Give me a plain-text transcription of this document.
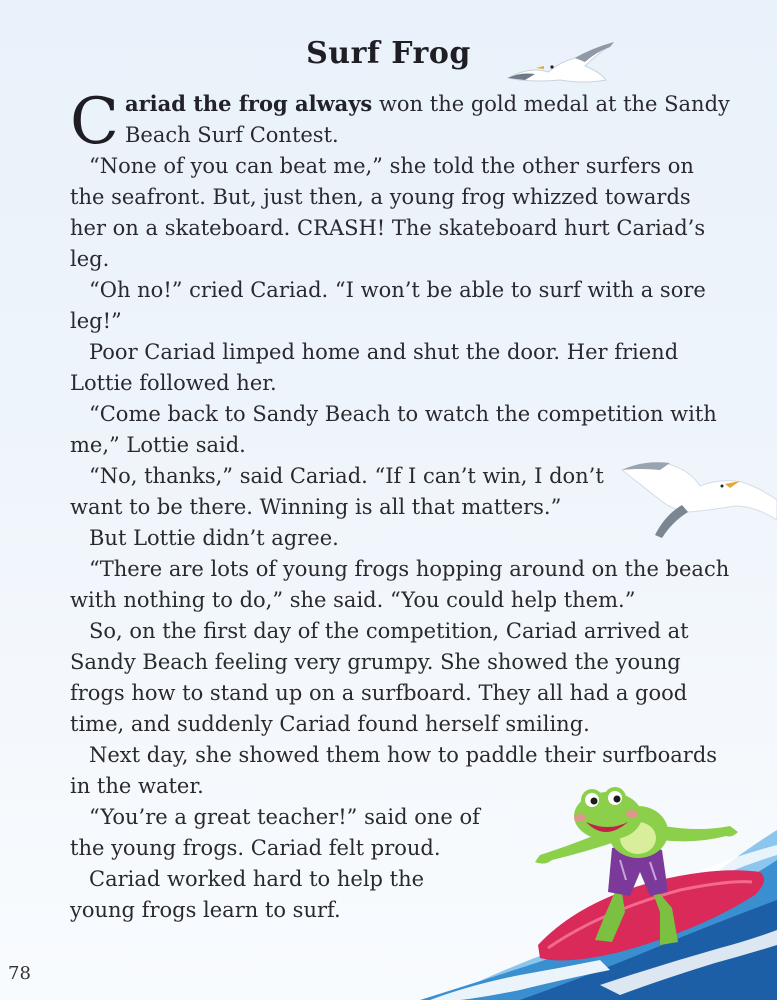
Surf Frog

Cariad the frog always won the gold medal at the Sandy Beach Surf Contest.

“None of you can beat me,” she told the other surfers on the seafront. But, just then, a young frog whizzed towards her on a skateboard. CRASH! The skateboard hurt Cariad’s leg.

“Oh no!” cried Cariad. “I won’t be able to surf with a sore leg!”

Poor Cariad limped home and shut the door. Her friend Lottie followed her.

“Come back to Sandy Beach to watch the competition with me,” Lottie said.

“No, thanks,” said Cariad. “If I can’t win, I don’t want to be there. Winning is all that matters.”

But Lottie didn’t agree.

“There are lots of young frogs hopping around on the beach with nothing to do,” she said. “You could help them.”

So, on the first day of the competition, Cariad arrived at Sandy Beach feeling very grumpy. She showed the young frogs how to stand up on a surfboard. They all had a good time, and suddenly Cariad found herself smiling.

Next day, she showed them how to paddle their surfboards in the water.

“You’re a great teacher!” said one of the young frogs. Cariad felt proud.

Cariad worked hard to help the young frogs learn to surf.

78
